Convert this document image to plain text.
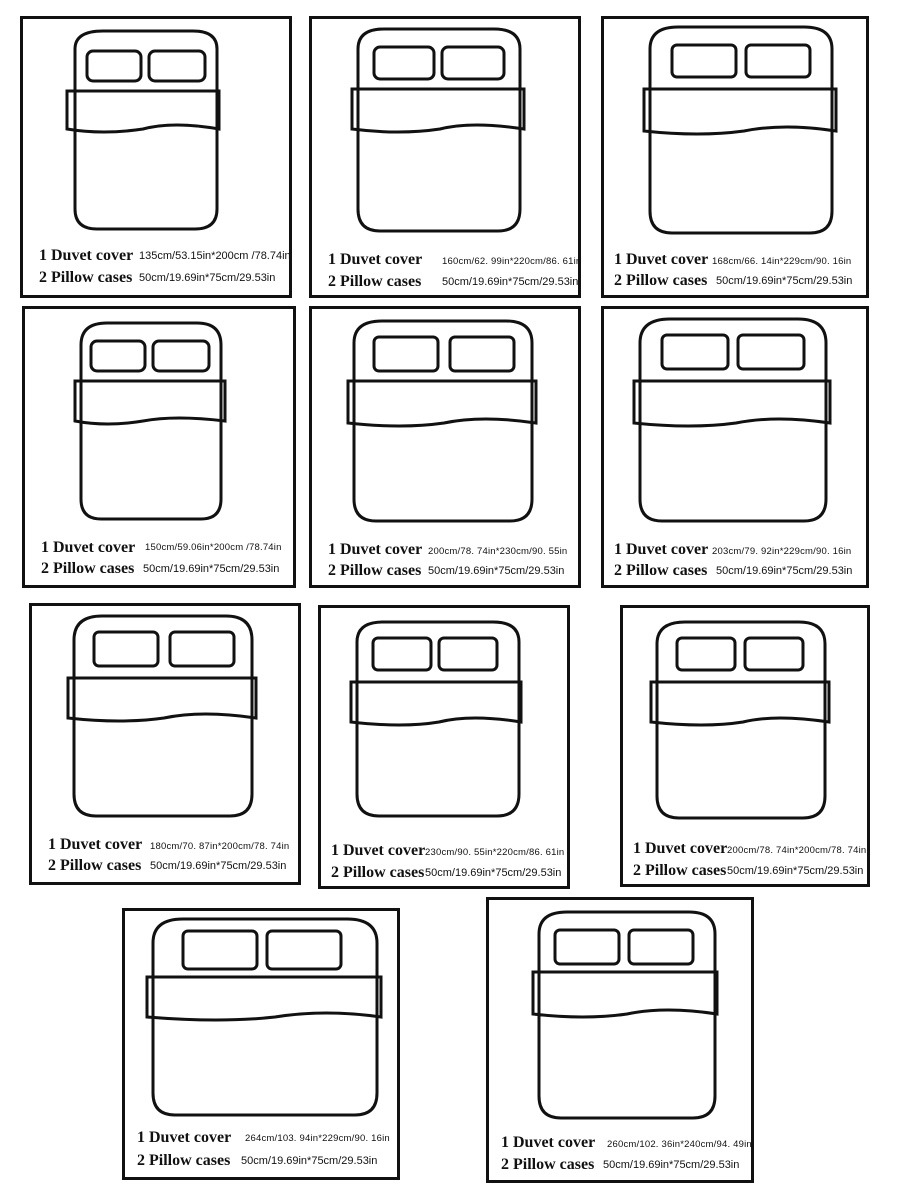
1 Duvet cover 135cm/53.15in*200cm /78.74in
2 Pillow cases 50cm/19.69in*75cm/29.53in
1 Duvet cover 160cm/62. 99in*220cm/86. 61in
2 Pillow cases 50cm/19.69in*75cm/29.53in
1 Duvet cover 168cm/66. 14in*229cm/90. 16in
2 Pillow cases 50cm/19.69in*75cm/29.53in
1 Duvet cover 150cm/59.06in*200cm /78.74in
2 Pillow cases 50cm/19.69in*75cm/29.53in
1 Duvet cover 200cm/78. 74in*230cm/90. 55in
2 Pillow cases 50cm/19.69in*75cm/29.53in
1 Duvet cover 203cm/79. 92in*229cm/90. 16in
2 Pillow cases 50cm/19.69in*75cm/29.53in
1 Duvet cover 180cm/70. 87in*200cm/78. 74in
2 Pillow cases 50cm/19.69in*75cm/29.53in
1 Duvet cover 230cm/90. 55in*220cm/86. 61in
2 Pillow cases 50cm/19.69in*75cm/29.53in
1 Duvet cover 200cm/78. 74in*200cm/78. 74in
2 Pillow cases 50cm/19.69in*75cm/29.53in
1 Duvet cover 264cm/103. 94in*229cm/90. 16in
2 Pillow cases 50cm/19.69in*75cm/29.53in
1 Duvet cover 260cm/102. 36in*240cm/94. 49in
2 Pillow cases 50cm/19.69in*75cm/29.53in
